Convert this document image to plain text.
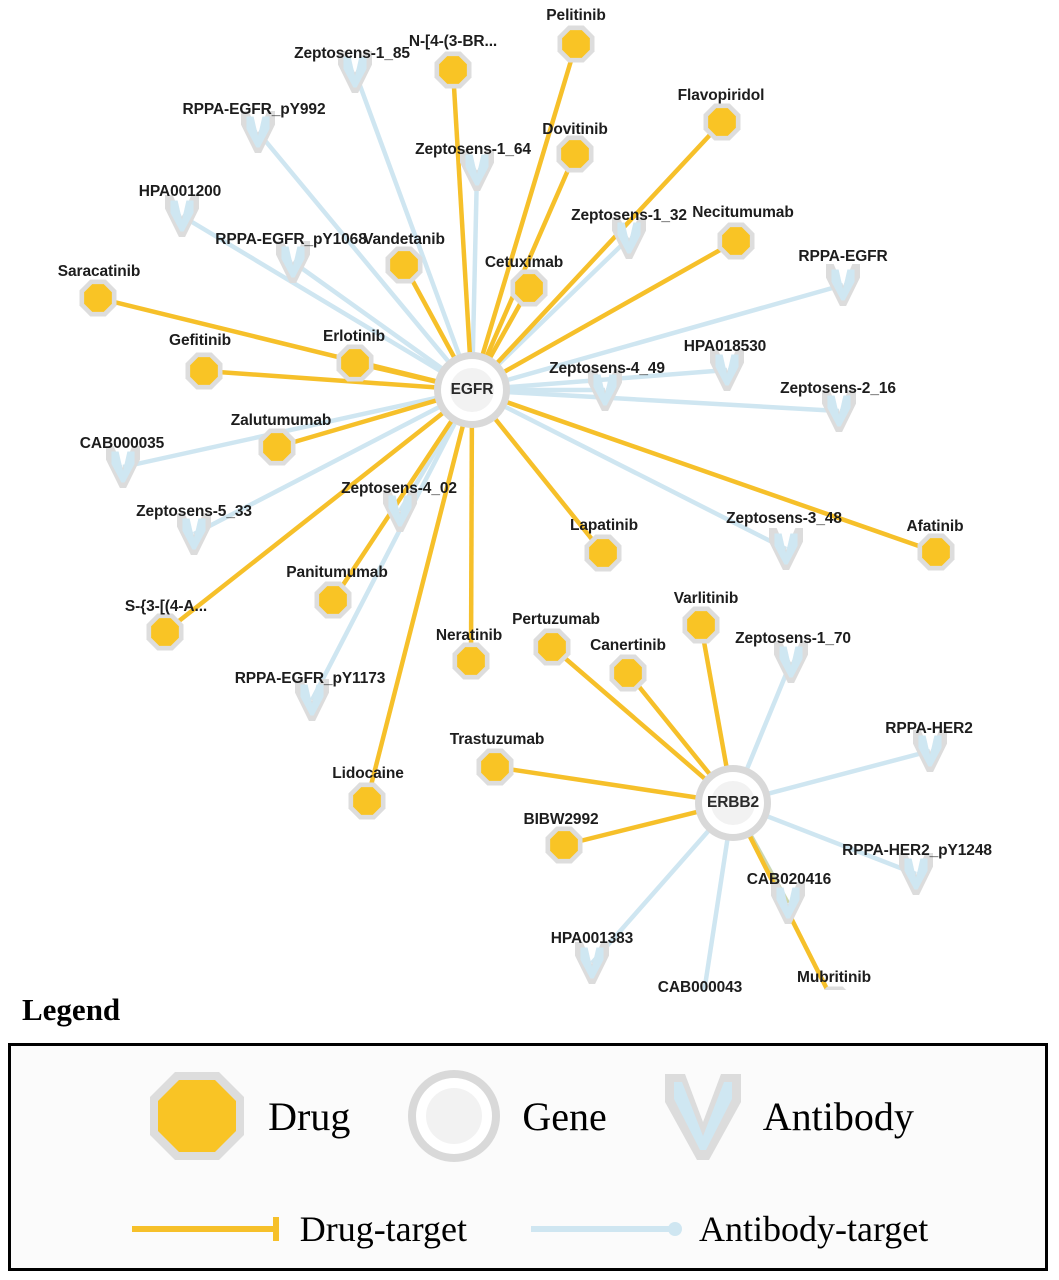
Pelitinib
N-[4-(3-BR...
Flavopiridol
Dovitinib
Necitumumab
Vandetanib
Cetuximab
Saracatinib
Erlotinib
Gefitinib
Zalutumumab
Afatinib
Lapatinib
Varlitinib
Panitumumab
S-{3-[(4-A...
Pertuzumab
Neratinib
Canertinib
Trastuzumab
Lidocaine
BIBW2992
Mubritinib
Zeptosens-1_85
RPPA-EGFR_pY992
Zeptosens-1_64
HPA001200
Zeptosens-1_32
RPPA-EGFR_pY1068
RPPA-EGFR
HPA018530
Zeptosens-4_49
Zeptosens-2_16
CAB000035
Zeptosens-4_02
Zeptosens-5_33	Zeptosens-3_48
Zeptosens-1_70
RPPA-EGFR_pY1173
RPPA-HER2
RPPA-HER2_pY1248
CAB020416
HPA001383
CAB000043
EGFR
ERBB2
Legend
Drug	Gene	Antibody
Drug-target	Antibody-target
